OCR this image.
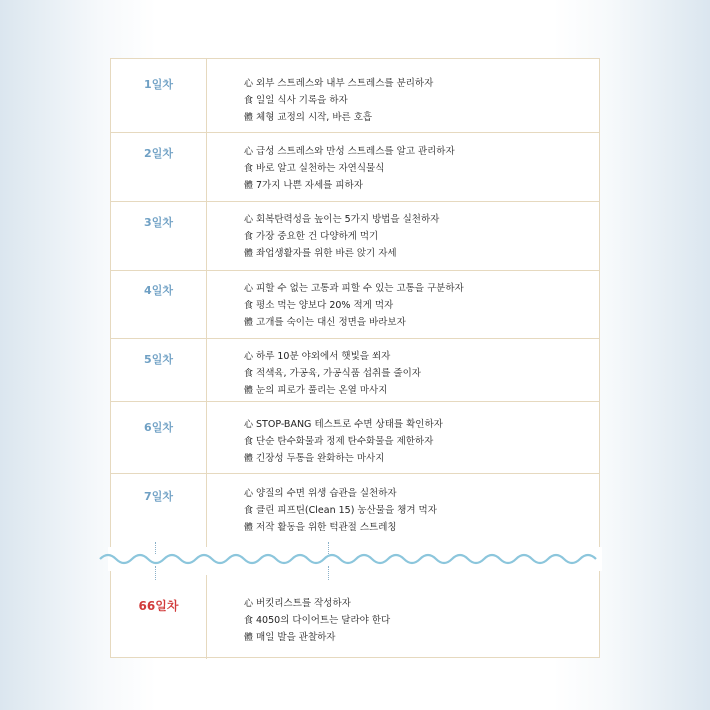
1일차	心 외부 스트레스와 내부 스트레스를 분리하자
食 일일 식사 기록을 하자
體 체형 교정의 시작, 바른 호흡
2일차	心 급성 스트레스와 만성 스트레스를 알고 관리하자
食 바로 알고 실천하는 자연식물식
體 7가지 나쁜 자세를 피하자
3일차	心 회복탄력성을 높이는 5가지 방법을 실천하자
食 가장 중요한 건 다양하게 먹기
體 좌업생활자를 위한 바른 앉기 자세
4일차	心 피할 수 없는 고통과 피할 수 있는 고통을 구분하자
食 평소 먹는 양보다 20% 적게 먹자
體 고개를 숙이는 대신 정면을 바라보자
5일차	心 하루 10분 야외에서 햇빛을 쐬자
食 적색육, 가공육, 가공식품 섭취를 줄이자
體 눈의 피로가 풀리는 온열 마사지
6일차	心 STOP-BANG 테스트로 수면 상태를 확인하자
食 단순 탄수화물과 정제 탄수화물을 제한하자
體 긴장성 두통을 완화하는 마사지
7일차	心 양질의 수면 위생 습관을 실천하자
食 클린 피프틴(Clean 15) 농산물을 챙겨 먹자
體 저작 활동을 위한 턱관절 스트레칭
66일차	心 버킷리스트를 작성하자
食 4050의 다이어트는 달라야 한다
體 매일 발을 관찰하자
